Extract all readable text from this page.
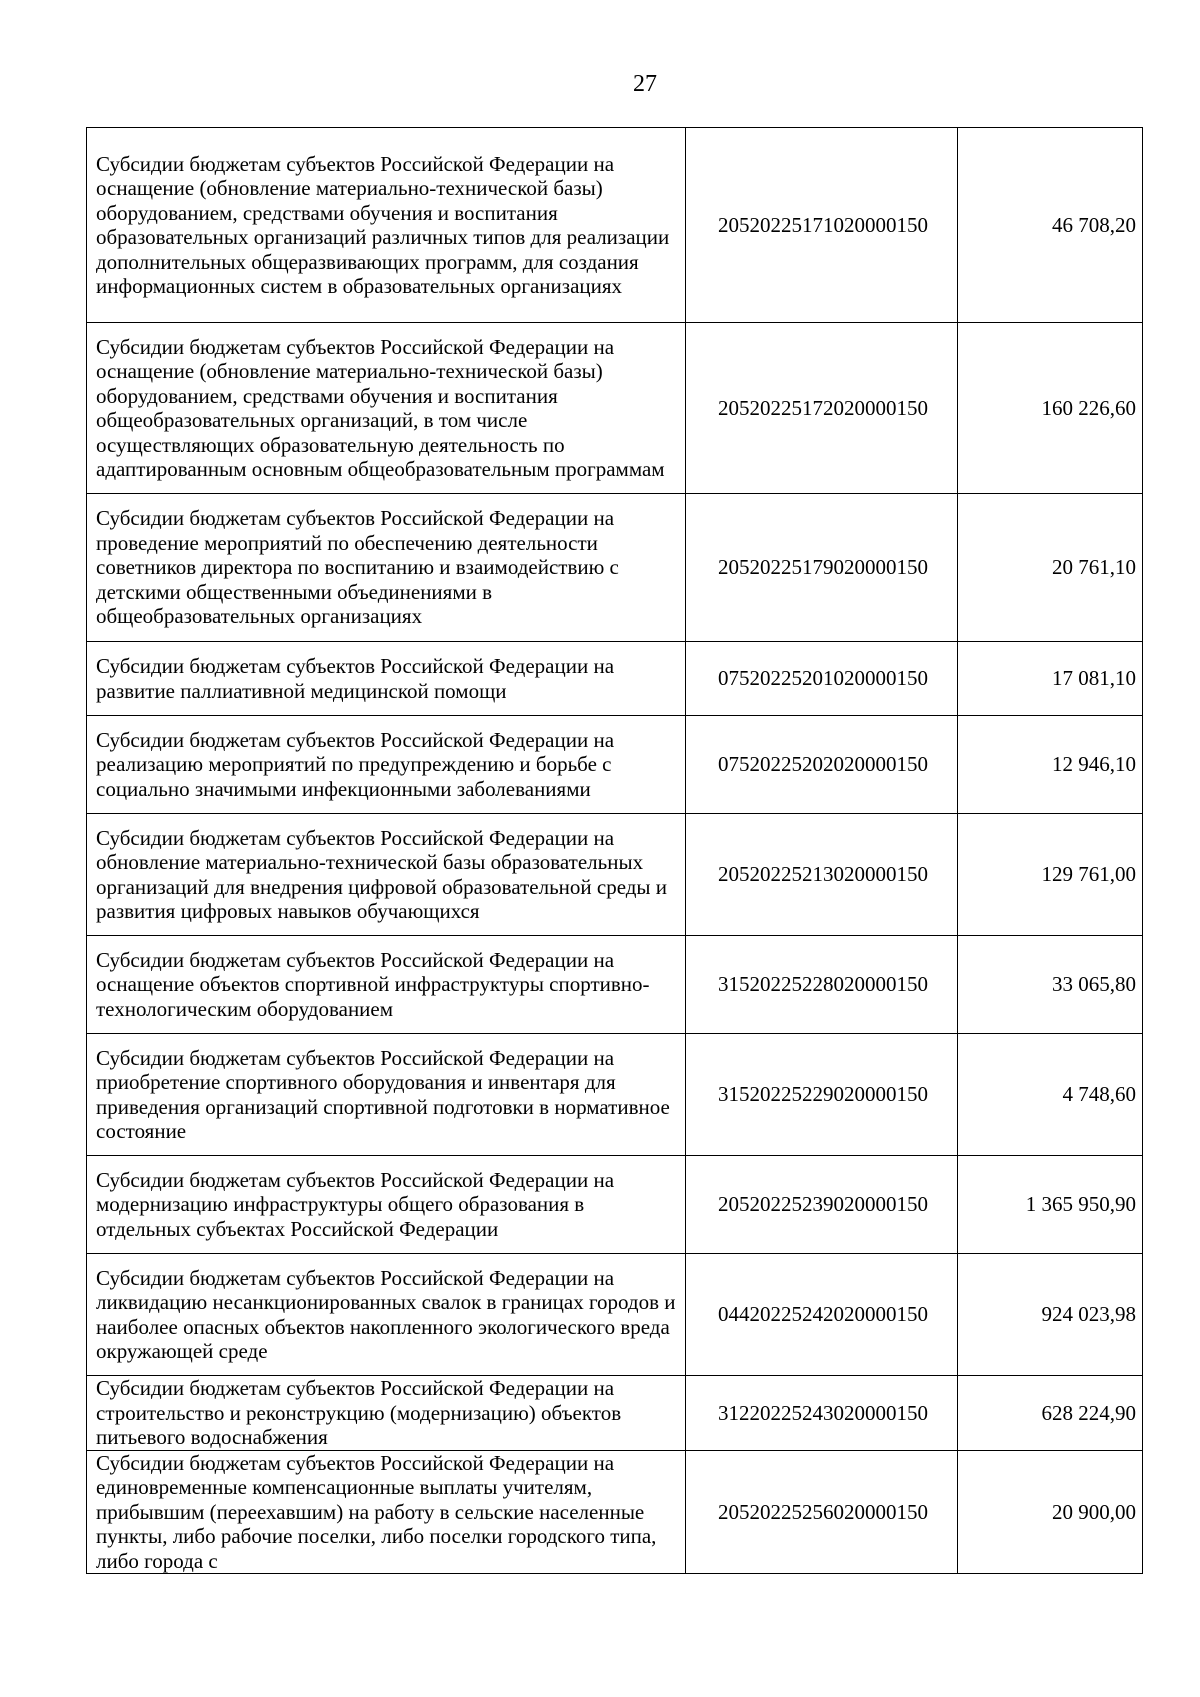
27
Субсидии бюджетам субъектов Российской Федерации на оснащение (обновление материально-технической базы) оборудованием, средствами обучения и воспитания образовательных организаций различных типов для реализации дополнительных общеразвивающих программ, для создания информационных систем в образовательных организациях	20520225171020000150	46 708,20
Субсидии бюджетам субъектов Российской Федерации на оснащение (обновление материально-технической базы) оборудованием, средствами обучения и воспитания общеобразовательных организаций, в том числе осуществляющих образовательную деятельность по адаптированным основным общеобразовательным программам	20520225172020000150	160 226,60
Субсидии бюджетам субъектов Российской Федерации на проведение мероприятий по обеспечению деятельности советников директора по воспитанию и взаимодействию с детскими общественными объединениями в общеобразовательных организациях	20520225179020000150	20 761,10
Субсидии бюджетам субъектов Российской Федерации на развитие паллиативной медицинской помощи	07520225201020000150	17 081,10
Субсидии бюджетам субъектов Российской Федерации на реализацию мероприятий по предупреждению и борьбе с социально значимыми инфекционными заболеваниями	07520225202020000150	12 946,10
Субсидии бюджетам субъектов Российской Федерации на обновление материально-технической базы образовательных организаций для внедрения цифровой образовательной среды и развития цифровых навыков обучающихся	20520225213020000150	129 761,00
Субсидии бюджетам субъектов Российской Федерации на оснащение объектов спортивной инфраструктуры спортивно-технологическим оборудованием	31520225228020000150	33 065,80
Субсидии бюджетам субъектов Российской Федерации на приобретение спортивного оборудования и инвентаря для приведения организаций спортивной подготовки в нормативное состояние	31520225229020000150	4 748,60
Субсидии бюджетам субъектов Российской Федерации на модернизацию инфраструктуры общего образования в отдельных субъектах Российской Федерации	20520225239020000150	1 365 950,90
Субсидии бюджетам субъектов Российской Федерации на ликвидацию несанкционированных свалок в границах городов и наиболее опасных объектов накопленного экологического вреда окружающей среде	04420225242020000150	924 023,98
Субсидии бюджетам субъектов Российской Федерации на строительство и реконструкцию (модернизацию) объектов питьевого водоснабжения	31220225243020000150	628 224,90
Субсидии бюджетам субъектов Российской Федерации на единовременные компенсационные выплаты учителям, прибывшим (переехавшим) на работу в сельские населенные пункты, либо рабочие поселки, либо поселки городского типа, либо города с	20520225256020000150	20 900,00
